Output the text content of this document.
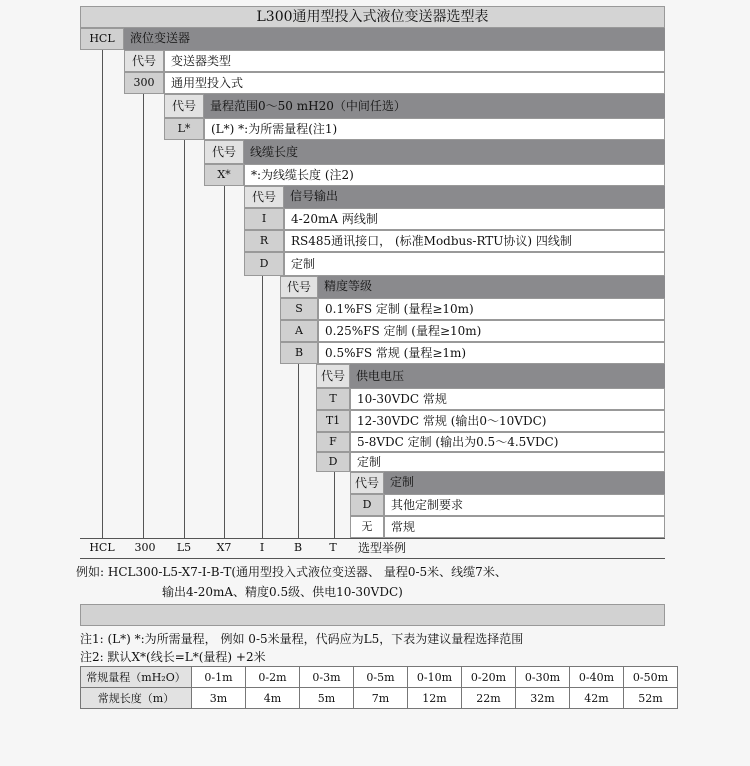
L300通用型投入式液位变送器选型表
HCL	液位变送器
代号	变送器类型
300	通用型投入式
代号	量程范围0～50 mH20（中间任选）
L*	(L*) *:为所需量程(注1)
代号	线缆长度
X*	*:为线缆长度 (注2)
代号	信号输出
I	4-20mA 两线制
R	RS485通讯接口， (标准Modbus-RTU协议) 四线制
D	定制
代号	精度等级
S	0.1%FS 定制 (量程≥10m)
A	0.25%FS 定制 (量程≥10m)
B	0.5%FS 常规 (量程≥1m)
代号 供电电压
T	10-30VDC 常规
T1	12-30VDC 常规 (输出0～10VDC)
F	5-8VDC 定制 (输出为0.5～4.5VDC)
D	定制
代号 定制
D	其他定制要求
无	常规
HCL	300	L5	X7	I	B	T	选型举例
例如: HCL300-L5-X7-I-B-T(通用型投入式液位变送器、 量程0-5米、线缆7米、
输出4-20mA、精度0.5级、供电10-30VDC)
注1: (L*) *:为所需量程， 例如 0-5米量程，代码应为L5，下表为建议量程选择范围
注2: 默认X*(线长=L*(量程) +2米
常规量程（mH₂O）	0-1m	0-2m	0-3m	0-5m	0-10m	0-20m	0-30m	0-40m	0-50m
常规长度（m）	3m	4m	5m	7m	12m	22m	32m	42m	52m
